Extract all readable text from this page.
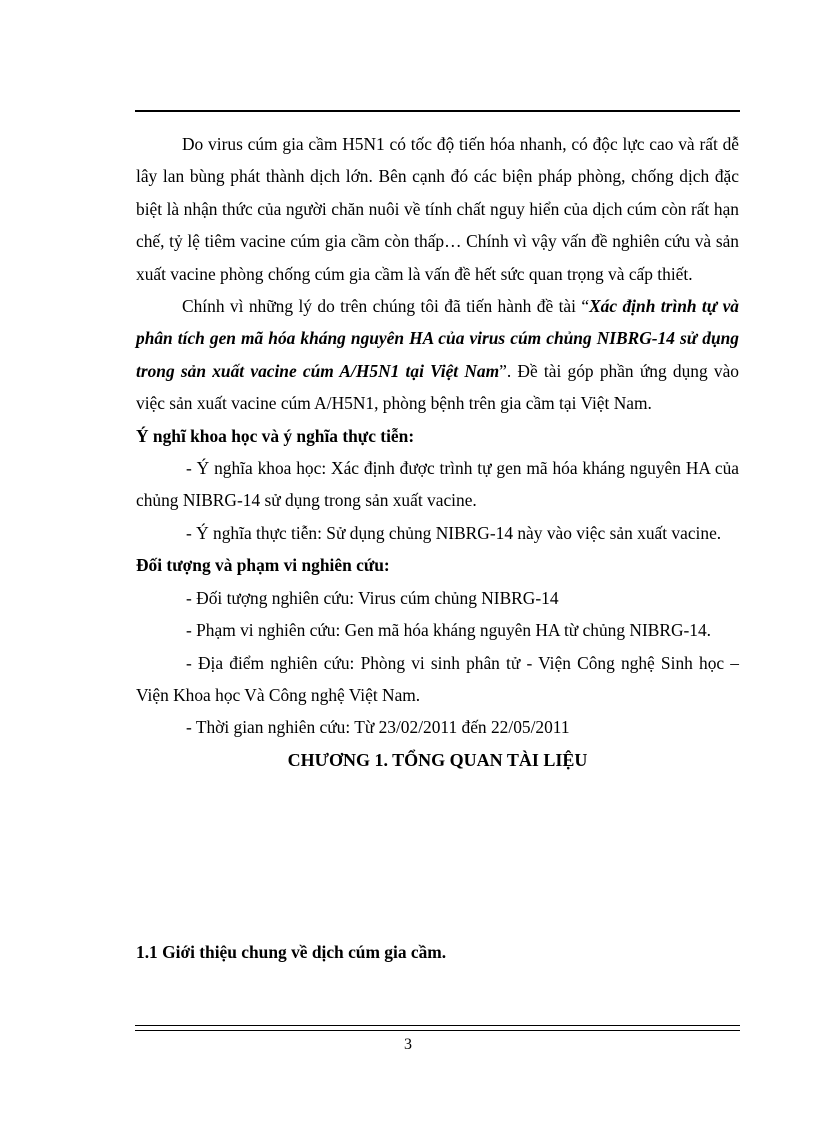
Do virus cúm gia cầm H5N1 có tốc độ tiến hóa nhanh, có độc lực cao và rất dễ lây lan bùng phát thành dịch lớn. Bên cạnh đó các biện pháp phòng, chống dịch đặc biệt là nhận thức của người chăn nuôi về tính chất nguy hiển của dịch cúm còn rất hạn chế, tỷ lệ tiêm vacine cúm gia cầm còn thấp… Chính vì vậy vấn đề nghiên cứu và sản xuất vacine phòng chống cúm gia cầm là vấn đề hết sức quan trọng và cấp thiết.

Chính vì những lý do trên chúng tôi đã tiến hành đề tài “Xác định trình tự và phân tích gen mã hóa kháng nguyên HA của virus cúm chủng NIBRG-14 sử dụng trong sản xuất vacine cúm A/H5N1 tại Việt Nam”. Đề tài góp phần ứng dụng vào việc sản xuất vacine cúm A/H5N1, phòng bệnh trên gia cầm tại Việt Nam.

Ý nghĩ khoa học và ý nghĩa thực tiễn:

- Ý nghĩa khoa học: Xác định được trình tự gen mã hóa kháng nguyên HA của chủng NIBRG-14 sử dụng trong sản xuất vacine.

- Ý nghĩa thực tiễn: Sử dụng chủng NIBRG-14 này vào việc sản xuất vacine.

Đối tượng và phạm vi nghiên cứu:

- Đối tượng nghiên cứu: Virus cúm chủng NIBRG-14

- Phạm vi nghiên cứu: Gen mã hóa kháng nguyên HA từ chủng NIBRG-14.

- Địa điểm nghiên cứu: Phòng vi sinh phân tử - Viện Công nghệ Sinh học – Viện Khoa học Và Công nghệ Việt Nam.

- Thời gian nghiên cứu: Từ 23/02/2011 đến 22/05/2011

CHƯƠNG 1. TỔNG QUAN TÀI LIỆU

1.1 Giới thiệu chung về dịch cúm gia cầm.

3
